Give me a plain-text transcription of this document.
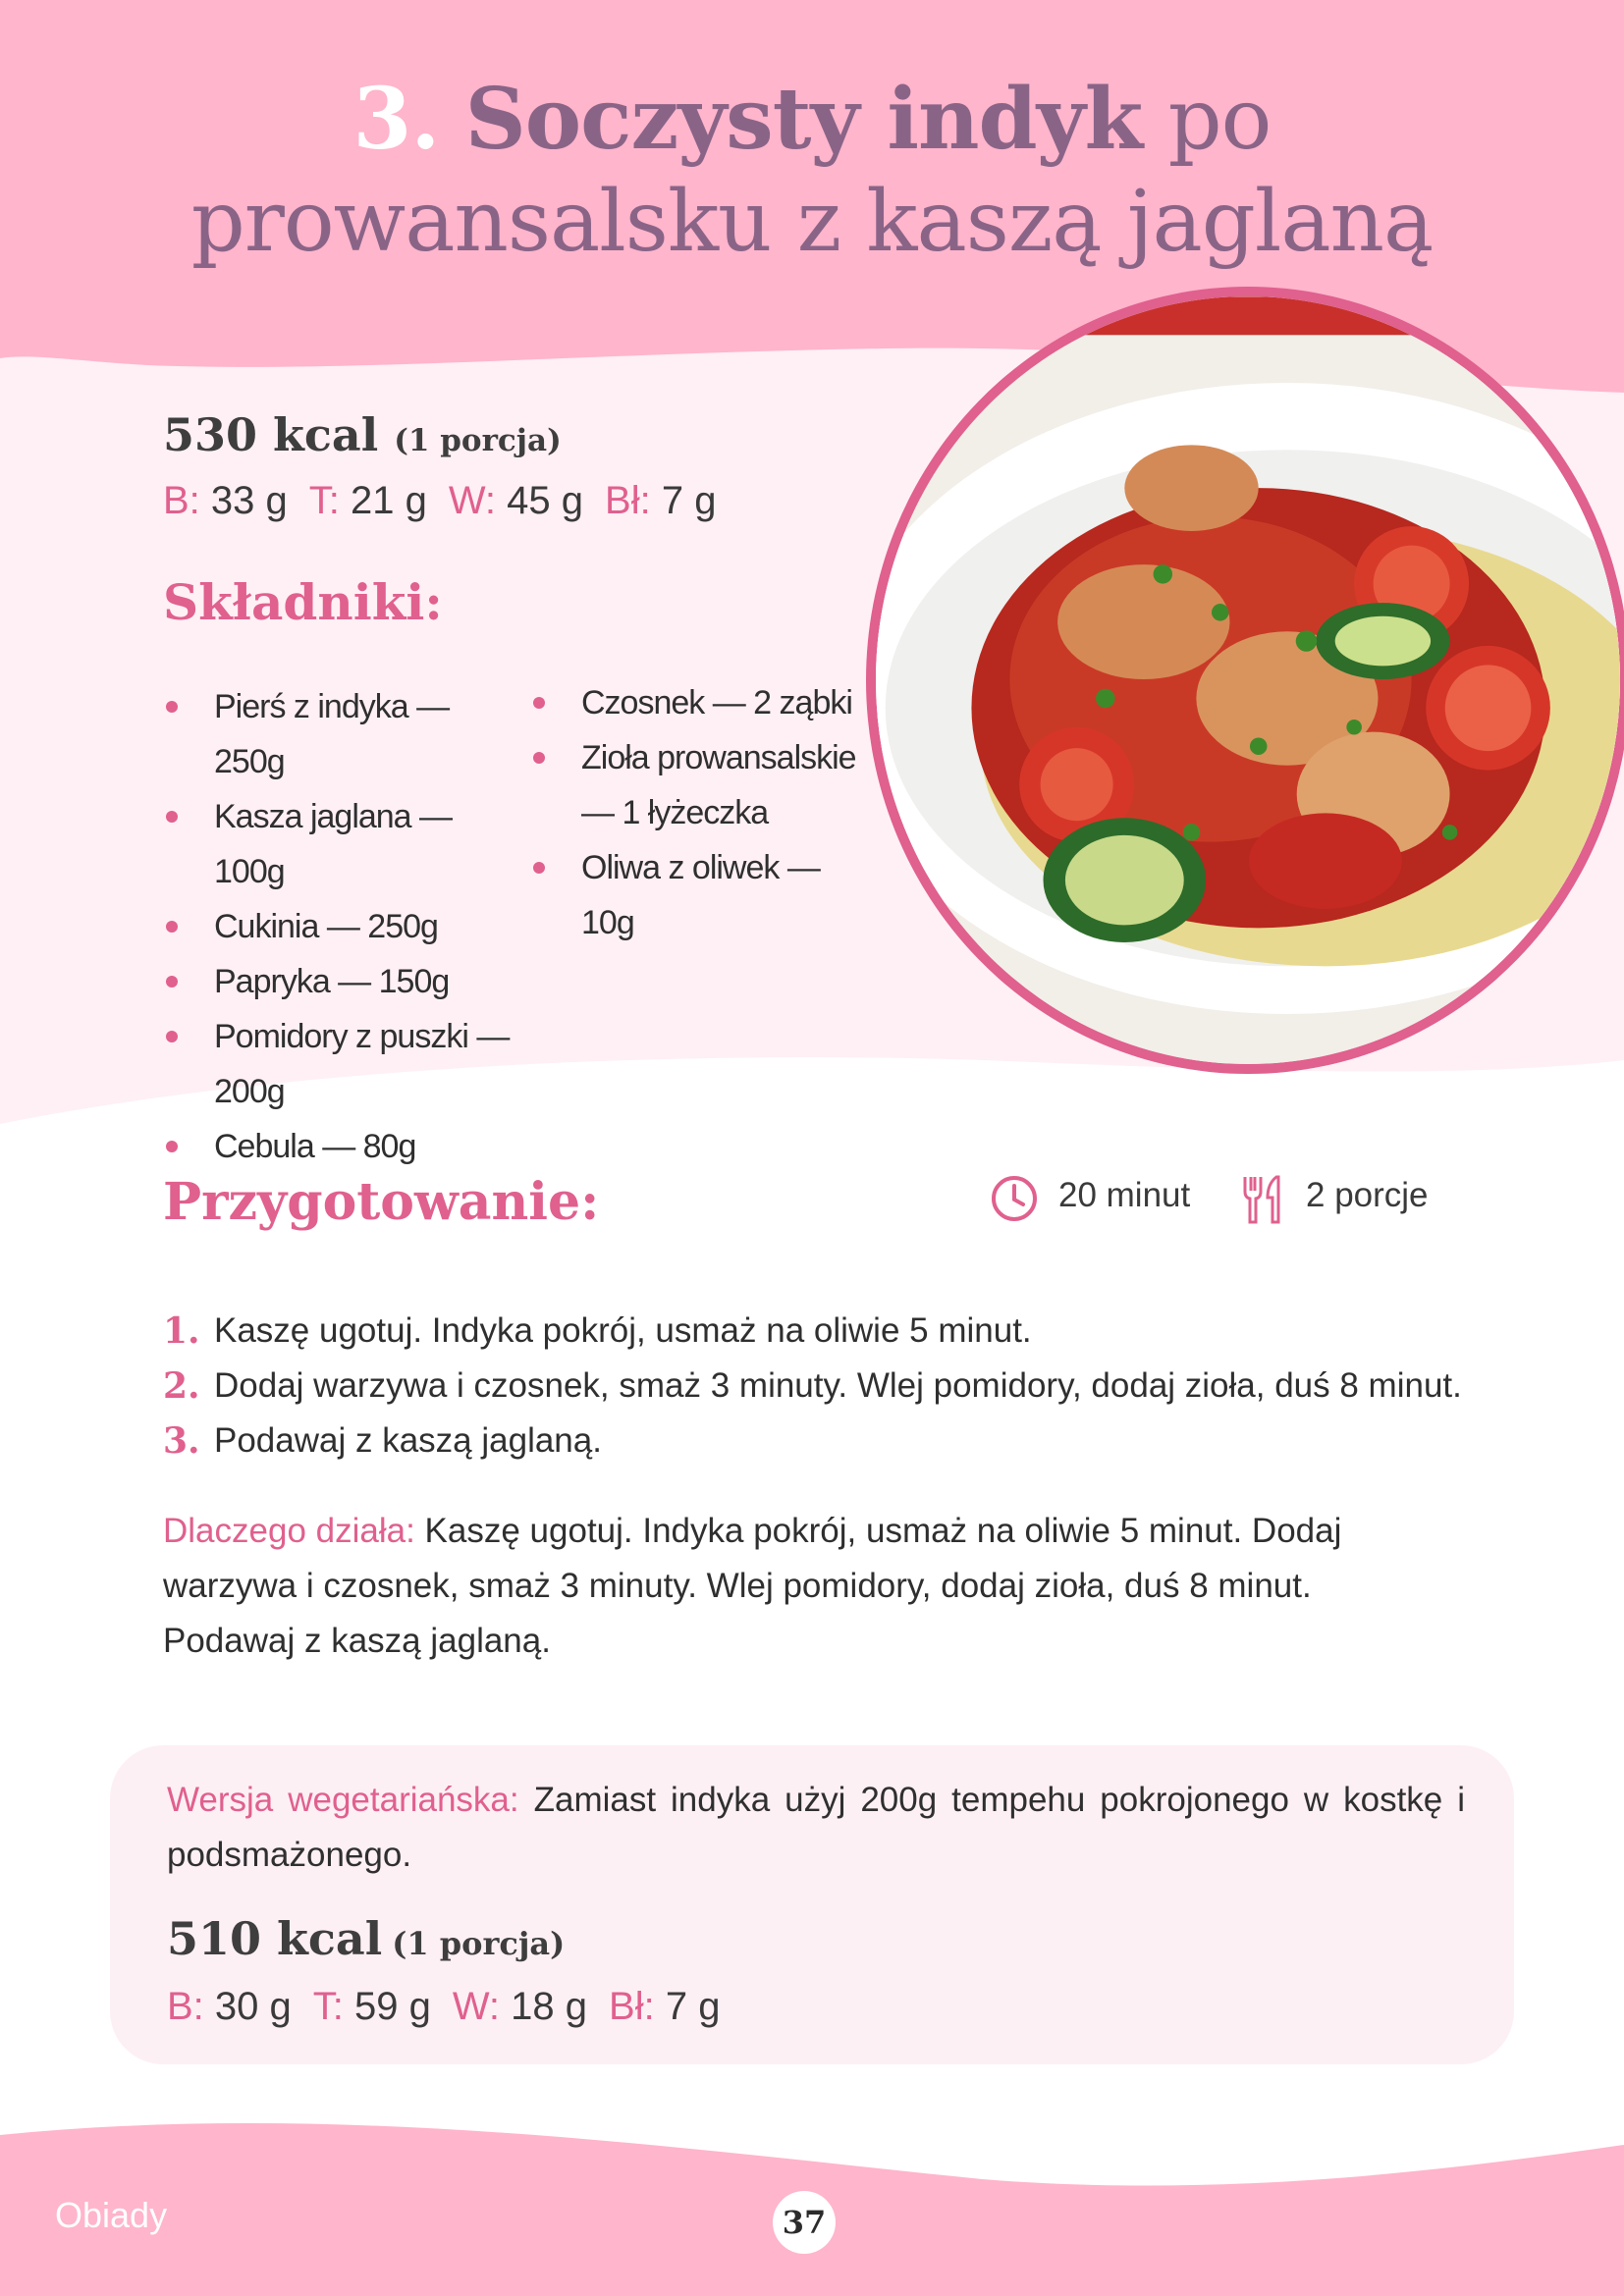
3. Soczysty indyk po
prowansalsku z kaszą jaglaną
530 kcal (1 porcja)
B: 33 g T: 21 g W: 45 g Bł: 7 g
Składniki:
Pierś z indyka — 250g
Kasza jaglana — 100g
Cukinia — 250g
Papryka — 150g
Pomidory z puszki — 200g
Cebula — 80g
Czosnek — 2 ząbki
Zioła prowansalskie — 1 łyżeczka
Oliwa z oliwek — 10g
Przygotowanie:	20 minut	2 porcje
1. Kaszę ugotuj. Indyka pokrój, usmaż na oliwie 5 minut.
2. Dodaj warzywa i czosnek, smaż 3 minuty. Wlej pomidory, dodaj zioła, duś 8 minut.
3. Podawaj z kaszą jaglaną.
Dlaczego działa: Kaszę ugotuj. Indyka pokrój, usmaż na oliwie 5 minut. Dodaj warzywa i czosnek, smaż 3 minuty. Wlej pomidory, dodaj zioła, duś 8 minut. Podawaj z kaszą jaglaną.
Wersja wegetariańska: Zamiast indyka użyj 200g tempehu pokrojonego w kostkę i podsmażonego.
510 kcal (1 porcja)
B: 30 g T: 59 g W: 18 g Bł: 7 g
Obiady	37
